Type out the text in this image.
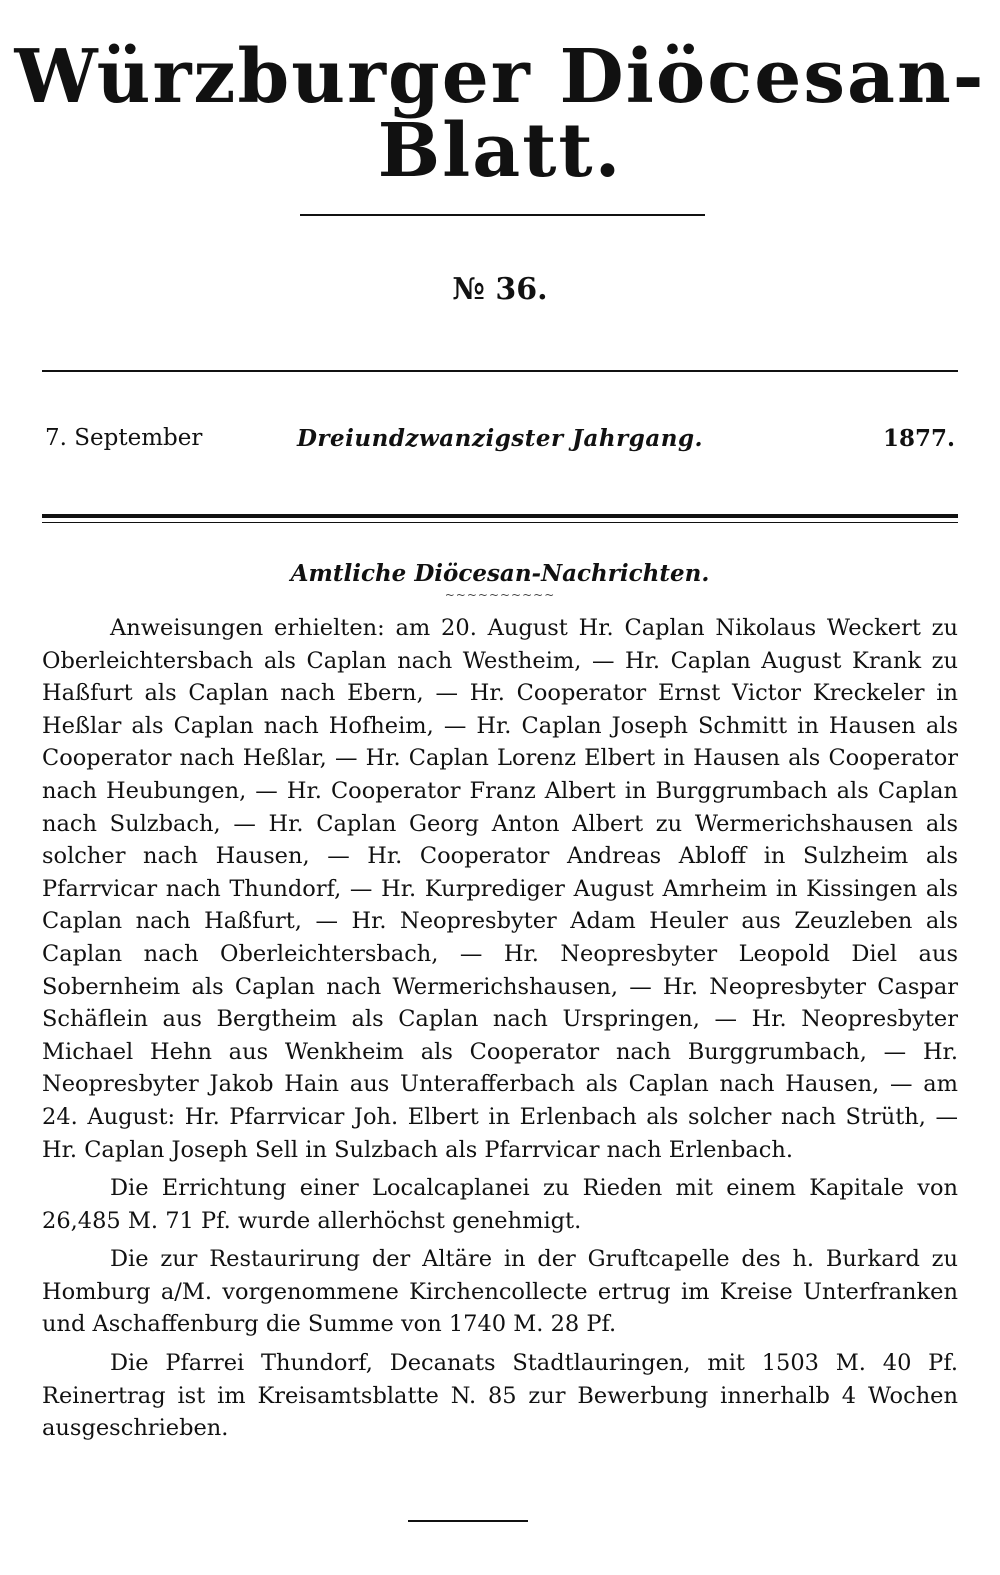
Würzburger Diöcesan-Blatt.
№ 36.
Dreiundzwanzigster Jahrgang.
7. September	1877.
Amtliche Diöcesan-Nachrichten.
~~~~~~~~~~

Anweisungen erhielten: am 20. August Hr. Caplan Nikolaus Weckert zu Oberleichtersbach als Caplan nach Westheim, — Hr. Caplan August Krank zu Haßfurt als Caplan nach Ebern, — Hr. Cooperator Ernst Victor Kreckeler in Heßlar als Caplan nach Hofheim, — Hr. Caplan Joseph Schmitt in Hausen als Cooperator nach Heßlar, — Hr. Caplan Lorenz Elbert in Hausen als Cooperator nach Heubungen, — Hr. Cooperator Franz Albert in Burggrumbach als Caplan nach Sulzbach, — Hr. Caplan Georg Anton Albert zu Wermerichshausen als solcher nach Hausen, — Hr. Cooperator Andreas Abloff in Sulzheim als Pfarrvicar nach Thundorf, — Hr. Kurprediger August Amrheim in Kissingen als Caplan nach Haßfurt, — Hr. Neopresbyter Adam Heuler aus Zeuzleben als Caplan nach Oberleichtersbach, — Hr. Neopresbyter Leopold Diel aus Sobernheim als Caplan nach Wermerichshausen, — Hr. Neopresbyter Caspar Schäflein aus Bergtheim als Caplan nach Urspringen, — Hr. Neopresbyter Michael Hehn aus Wenkheim als Cooperator nach Burggrumbach, — Hr. Neopresbyter Jakob Hain aus Unterafferbach als Caplan nach Hausen, — am 24. August: Hr. Pfarrvicar Joh. Elbert in Erlenbach als solcher nach Strüth, — Hr. Caplan Joseph Sell in Sulzbach als Pfarrvicar nach Erlenbach.

Die Errichtung einer Localcaplanei zu Rieden mit einem Kapitale von 26,485 M. 71 Pf. wurde allerhöchst genehmigt.

Die zur Restaurirung der Altäre in der Gruftcapelle des h. Burkard zu Homburg a/M. vorgenommene Kirchencollecte ertrug im Kreise Unterfranken und Aschaffenburg die Summe von 1740 M. 28 Pf.

Die Pfarrei Thundorf, Decanats Stadtlauringen, mit 1503 M. 40 Pf. Reinertrag ist im Kreisamtsblatte N. 85 zur Bewerbung innerhalb 4 Wochen ausgeschrieben.
